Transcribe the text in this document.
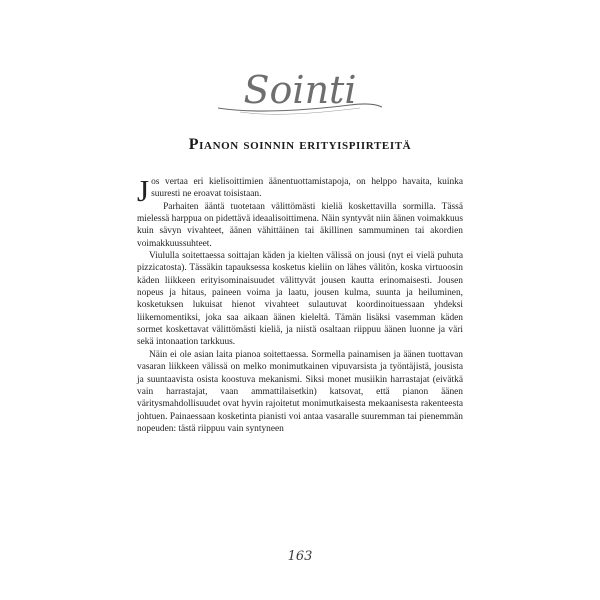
Sointi
Pianon soinnin erityispiirteitä

Jos vertaa eri kielisoittimien äänentuottamistapoja, on helppo havaita, kuinka suuresti ne eroavat toisistaan.

Parhaiten ääntä tuotetaan välittömästi kieliä koskettavilla sormilla. Tässä mielessä harppua on pidettävä ideaalisoittimena. Näin syntyvät niin äänen voimakkuus kuin sävyn vivahteet, äänen vähittäinen tai äkillinen sammuminen tai akordien voimakkuussuhteet.

Viululla soitettaessa soittajan käden ja kielten välissä on jousi (nyt ei vielä puhuta pizzicatosta). Tässäkin tapauksessa kosketus kieliin on lähes välitön, koska virtuoosin käden liikkeen erityisominaisuudet välittyvät jousen kautta erinomaisesti. Jousen nopeus ja hitaus, paineen voima ja laatu, jousen kulma, suunta ja heiluminen, kosketuksen lukuisat hienot vivahteet sulautuvat koordinoituessaan yhdeksi liikemomentiksi, joka saa aikaan äänen kieleltä. Tämän lisäksi vasemman käden sormet koskettavat välittömästi kieliä, ja niistä osaltaan riippuu äänen luonne ja väri sekä intonaation tarkkuus.

Näin ei ole asian laita pianoa soitettaessa. Sormella painamisen ja äänen tuottavan vasaran liikkeen välissä on melko monimutkainen vipuvarsista ja työntäjistä, jousista ja suuntaavista osista koostuva mekanismi. Siksi monet musiikin harrastajat (eivätkä vain harrastajat, vaan ammattilaisetkin) katsovat, että pianon äänen väritysmahdollisuudet ovat hyvin rajoitetut monimutkaisesta mekaanisesta rakenteesta johtuen. Painaessaan kosketinta pianisti voi antaa vasaralle suuremman tai pienemmän nopeuden: tästä riippuu vain syntyneen

163
